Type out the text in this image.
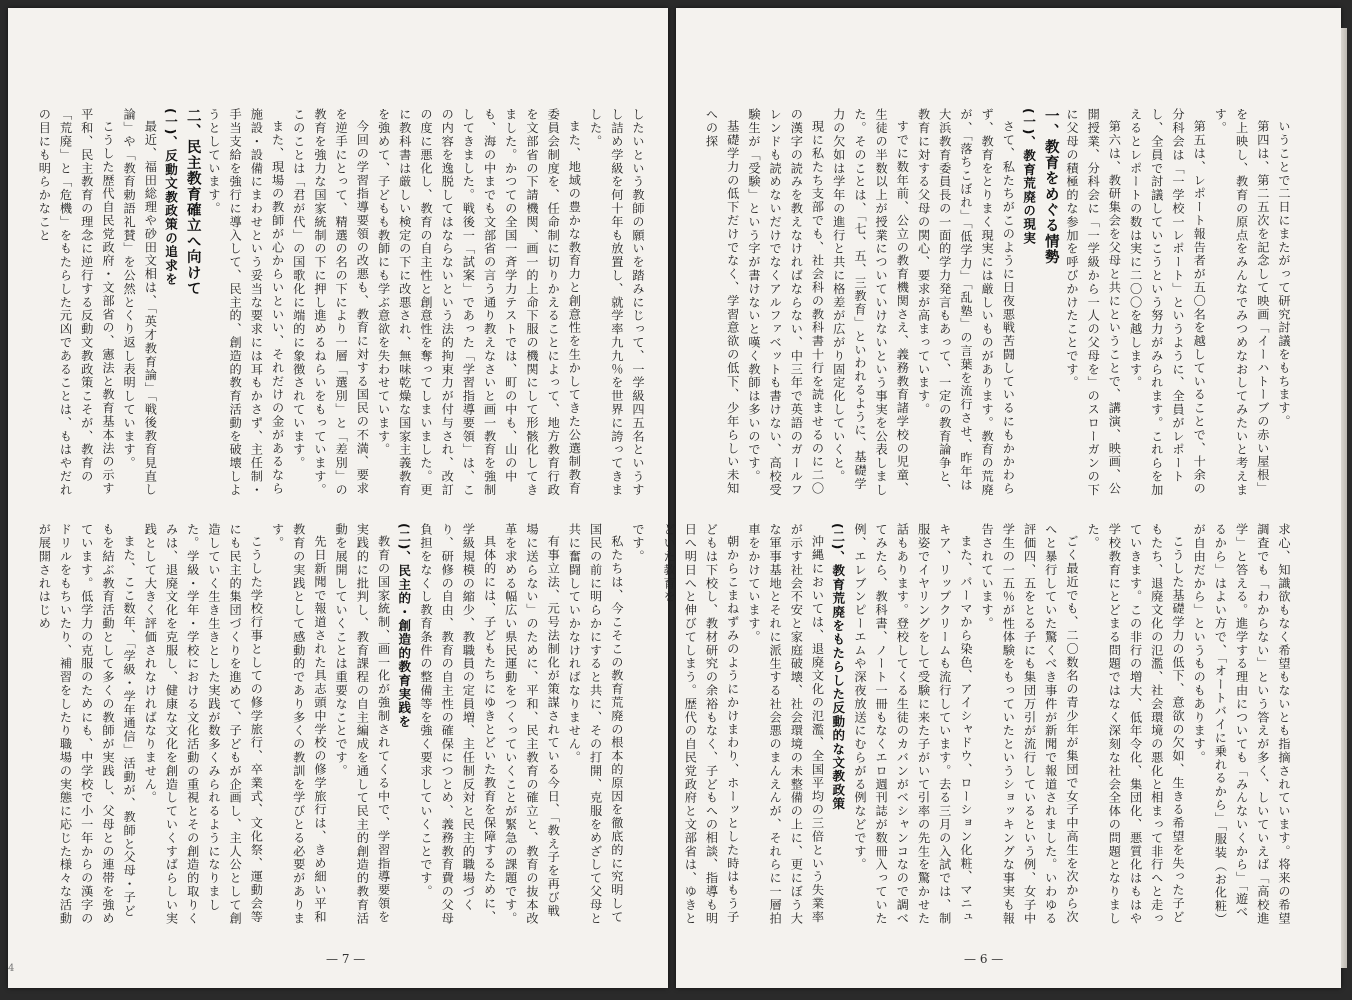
したいという教師の願いを踏みにじって、一学級四五名というすし詰め学級を何十年も放置し、就学率九九％を世界に誇ってきました。

また、地域の豊かな教育力と創意性を生かしてきた公選制教育委員会制度を、任命制に切りかえることによって、地方教育行政を文部省の下請機関、画一的上命下服の機関にして形骸化してきました。かつての全国一斉学力テストでは、町の中も、山の中も、海の中までも文部省の言う通り教えなさいと画一教育を強制してきました。戦後一「試案」であった「学習指導要領」は、この内容を逸脱してはならないという法的拘束力が付与され、改訂の度に悪化し、教育の自主性と創意性を奪ってしまいました。更に教科書は厳しい検定の下に改悪され、無味乾燥な国家主義教育を強めて、子どもも教師にも学ぶ意欲を失わせています。

今回の学習指導要領の改悪も、教育に対する国民の不満、要求を逆手にとって、精選の名の下により一層「選別」と「差別」の教育を強力な国家統制の下に押し進めるねらいをもっています。このことは「君が代」の国歌化に端的に象徴されています。

また、現場の教師が心からいといい、それだけの金があるなら施設・設備にまわせという妥当な要求には耳もかさず、主任制・手当支給を強行に導入して、民主的、創造的教育活動を破壊しようとしています。

二、民主教育確立へ向けて

(一)、反動文教政策の追求を

最近、福田総理や砂田文相は、「英才教育論」「戦後教育見直し論」や「教育勅語礼賛」を公然とくり返し表明しています。

こうした歴代自民党政府・文部省の、憲法と教育基本法の示す平和、民主教育の理念に逆行する反動文教政策こそが、教育の「荒廃」と「危機」をもたらした元凶であることは、もはやだれの目にも明らかなこと

です。

私たちは、今こそこの教育荒廃の根本的原因を徹底的に究明して国民の前に明らかにすると共に、その打開、克服をめざして父母と共に奮闘していかなければなりません。

有事立法、元号法制化が策謀されている今日、「教え子を再び戦場に送らない」のために、平和、民主教育の確立と、教育の抜本改革を求める幅広い県民運動をつくっていくことが緊急の課題です。

具体的には、子どもたちにゆきとどいた教育を保障するために、学級規模の縮少、教職員の定員増、主任制反対と民主的職場づくり、研修の自由、教育の自主性の確保につとめ、義務教育費の父母負担をなくし教育条件の整備等を強く要求していくことです。

(二)、民主的・創造的教育実践を

教育の国家統制、画一化が強制されてくる中で、学習指導要領を実践的に批判し、教育課程の自主編成を通して民主的創造的教育活動を展開していくことは重要なことです。

先日新聞で報道された具志頭中学校の修学旅行は、きめ細い平和教育の実践として感動的であり多くの教訓を学びとる必要があります。

こうした学校行事としての修学旅行、卒業式、文化祭、運動会等にも民主的集団づくりを進めて、子どもが企画し、主人公として創造していく生き生きとした実践が数多くみられるようになりました。学級・学年・学校における文化活動の重視とその創造的取りくみは、退廃文化を克服し、健康な文化を創造していくすばらしい実践として大きく評価されなければなりません。

また、ここ数年、「学級・学年通信」活動が、教師と父母・子どもを結ぶ教育活動として多くの教師が実践し、父母との連帯を強めています。低学力の克服のためにも、中学校で小一年からの漢字のドリルをもちいたり、補習をしたり職場の実態に応じた様々な活動が展開されはじめ

— 7 —
4

いうことで二日にまたがって研究討議をもちます。

第四は、第二五次を記念して映画「イーハトーブの赤い屋根」を上映し、教育の原点をみんなでみつめなおしてみたいと考えます。

第五は、レポート報告者が五〇名を越していることで、十余の分科会は「一学校一レポート」というように、全員がレポートし、全員で討議していこうという努力がみられます。これらを加えるとレポートの数は実に二〇〇を越します。

第六は、教研集会を父母と共にということで、講演、映画、公開授業、分科会に「一学級から一人の父母を」のスローガンの下に父母の積極的な参加を呼びかけたことです。

一、教育をめぐる情勢

(一)、教育荒廃の現実

さて、私たちがこのように日夜悪戦苦闘しているにもかかわらず、教育をとりまく現実には厳しいものがあります。教育の荒廃が、「落ちこぼれ」「低学力」「乱塾」の言葉を流行させ、昨年は大浜教育委員長の一面的学力発言もあって、一定の教育論争と、教育に対する父母の関心、要求が高まっています。

すでに数年前、公立の教育機関さえ、義務教育諸学校の児童、生徒の半数以上が授業についていけないという事実を公表しました。そのことは、「七、五、三教育」といわれるように、基礎学力の欠如は学年の進行と共に格差が広がり固定化していくと。

現に私たち支部でも、社会科の教科書十行を読ませるのに二〇の漢字の読みを教えなければならない、中三年で英語のガールフレンドも読めないだけでなくアルファベットも書けない、高校受験生が「受験」という字が書けないと嘆く教師は多いのです。

基礎学力の低下だけでなく、学習意欲の低下、少年らしい未知への探

求心、知識欲もなく希望もないとも指摘されています。将来の希望調査でも「わからない」という答えが多く、しいていえば「高校進学」と答える。進学する理由についても「みんないくから」「遊べるから」はよい方で、「オートバイに乗れるから」「服装（お化粧）が自由だから」というものもあります。

こうした基礎学力の低下、意欲の欠如、生きる希望を失った子どもたち、退廃文化の氾濫、社会環境の悪化と相まって非行へと走っていきます。この非行の増大、低年令化、集団化、悪質化はもはや学校教育にとどまる問題ではなく深刻な社会全体の問題となりました。

ごく最近でも、二〇数名の青少年が集団で女子中高生を次から次へと暴行していた驚くべき事件が新聞で報道されました。いわゆる評価四、五をとる子にも集団万引が流行しているという例、女子中学生の一五％が性体験をもっていたというショッキングな事実も報告されています。

また、パーマから染色、アイシャドウ、ローション化粧、マニュキア、リップクリームも流行しています。去る三月の入試では、制服姿でイヤリングをして受験に来た子がいて引率の先生を驚かせた話もあります。登校してくる生徒のカバンがベシャンコなので調べてみたら、教科書、ノート一冊もなくエロ週刊誌が数冊入っていた例、エレブンピーエムや深夜放送にむらがる例などです。

(二)、教育荒廃をもたらした反動的な文教政策

沖縄においては、退廃文化の氾濫、全国平均の三倍という失業率が示す社会不安と家庭破壊、社会環境の未整備の上に、更にぼう大な軍事基地とそれに派生する社会悪のまんえんが、それらに一層拍車をかけています。

朝からこまねずみのようにかけまわり、ホーッとした時はもう子どもは下校し、教材研究の余裕もなく、子どもへの相談、指導も明日へ明日へと伸びてしまう。歴代の自民党政府と文部省は、ゆきとどいた教育を

— 6 —
